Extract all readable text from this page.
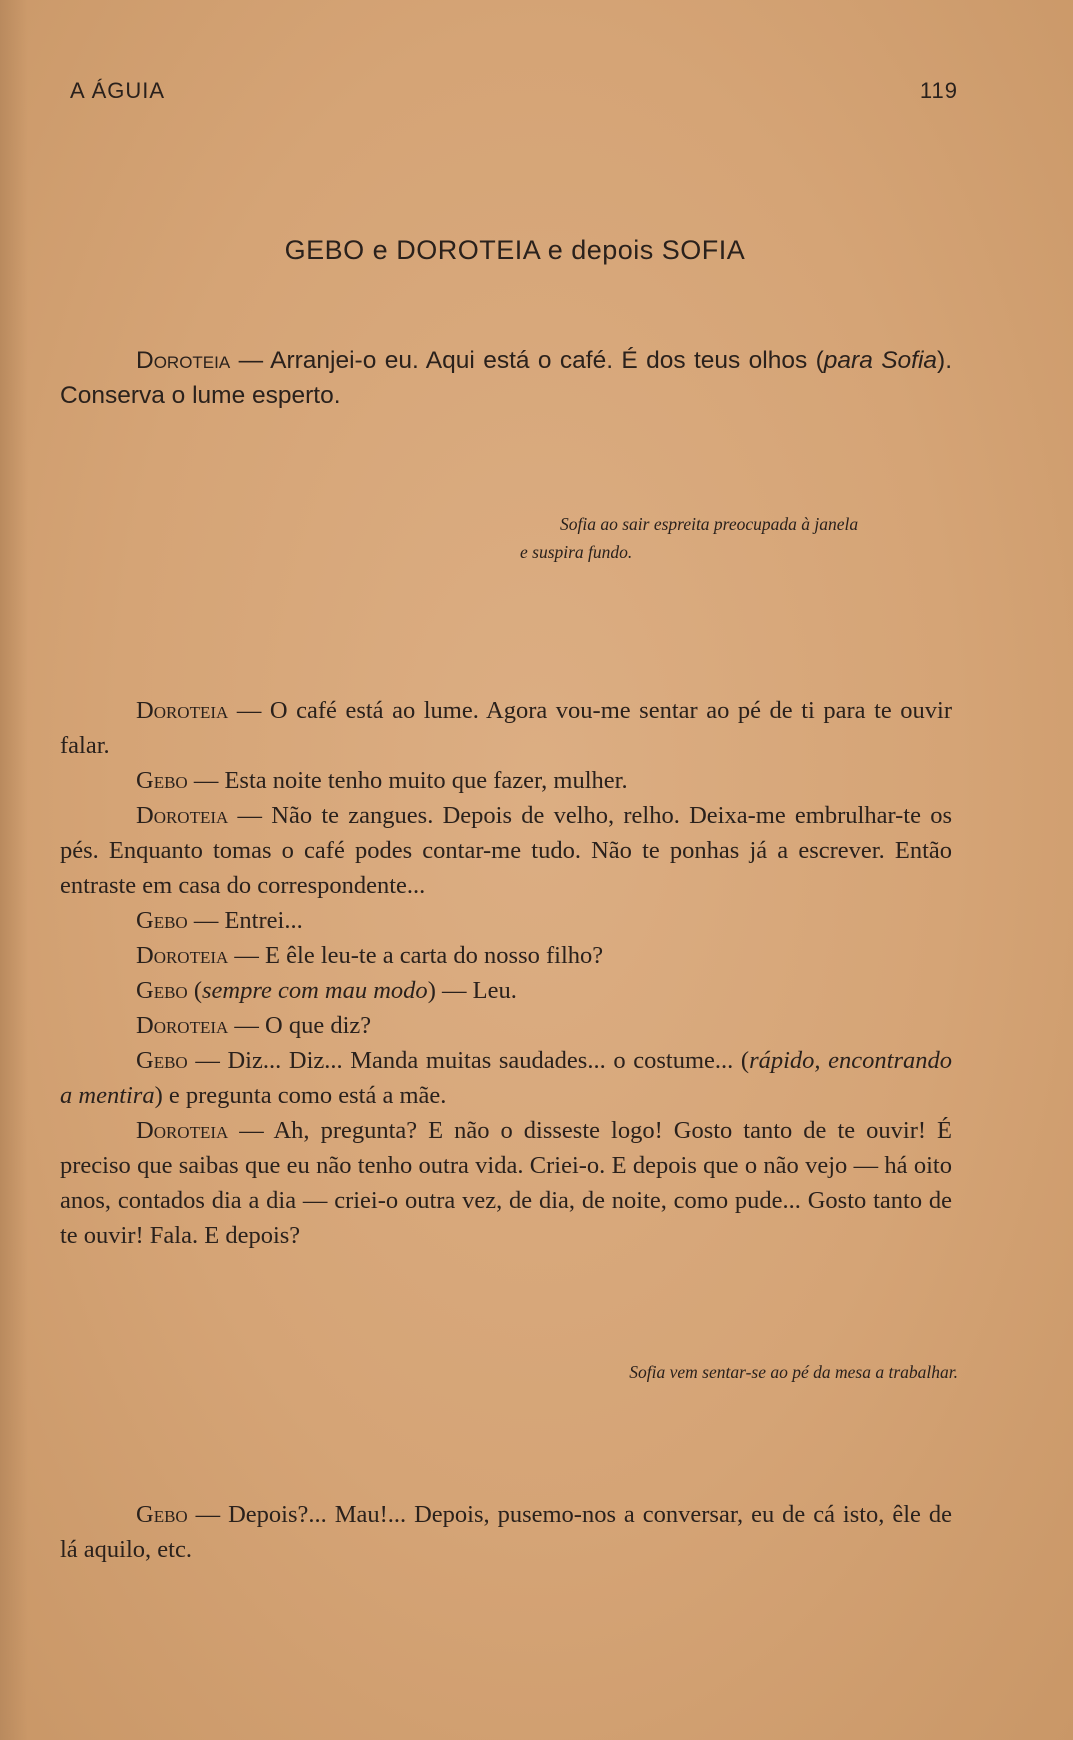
A ÁGUIA	119
GEBO e DOROTEIA e depois SOFIA

Doroteia — Arranjei-o eu. Aqui está o café. É dos teus olhos (para Sofia). Conserva o lume esperto.

Sofia ao sair espreita preocupada à janela
e suspira fundo.

Doroteia — O café está ao lume. Agora vou-me sentar ao pé de ti para te ouvir falar.

Gebo — Esta noite tenho muito que fazer, mulher.

Doroteia — Não te zangues. Depois de velho, relho. Deixa-me embrulhar-te os pés. Enquanto tomas o café podes contar-me tudo. Não te ponhas já a escrever. Então entraste em casa do correspondente...

Gebo — Entrei...

Doroteia — E êle leu-te a carta do nosso filho?

Gebo (sempre com mau modo) — Leu.

Doroteia — O que diz?

Gebo — Diz... Diz... Manda muitas saudades... o costume... (rápido, encontrando a mentira) e pregunta como está a mãe.

Doroteia — Ah, pregunta? E não o disseste logo! Gosto tanto de te ouvir! É preciso que saibas que eu não tenho outra vida. Criei-o. E depois que o não vejo — há oito anos, contados dia a dia — criei-o outra vez, de dia, de noite, como pude... Gosto tanto de te ouvir! Fala. E depois?

Sofia vem sentar-se ao pé da mesa a trabalhar.

Gebo — Depois?... Mau!... Depois, pusemo-nos a conversar, eu de cá isto, êle de lá aquilo, etc.
